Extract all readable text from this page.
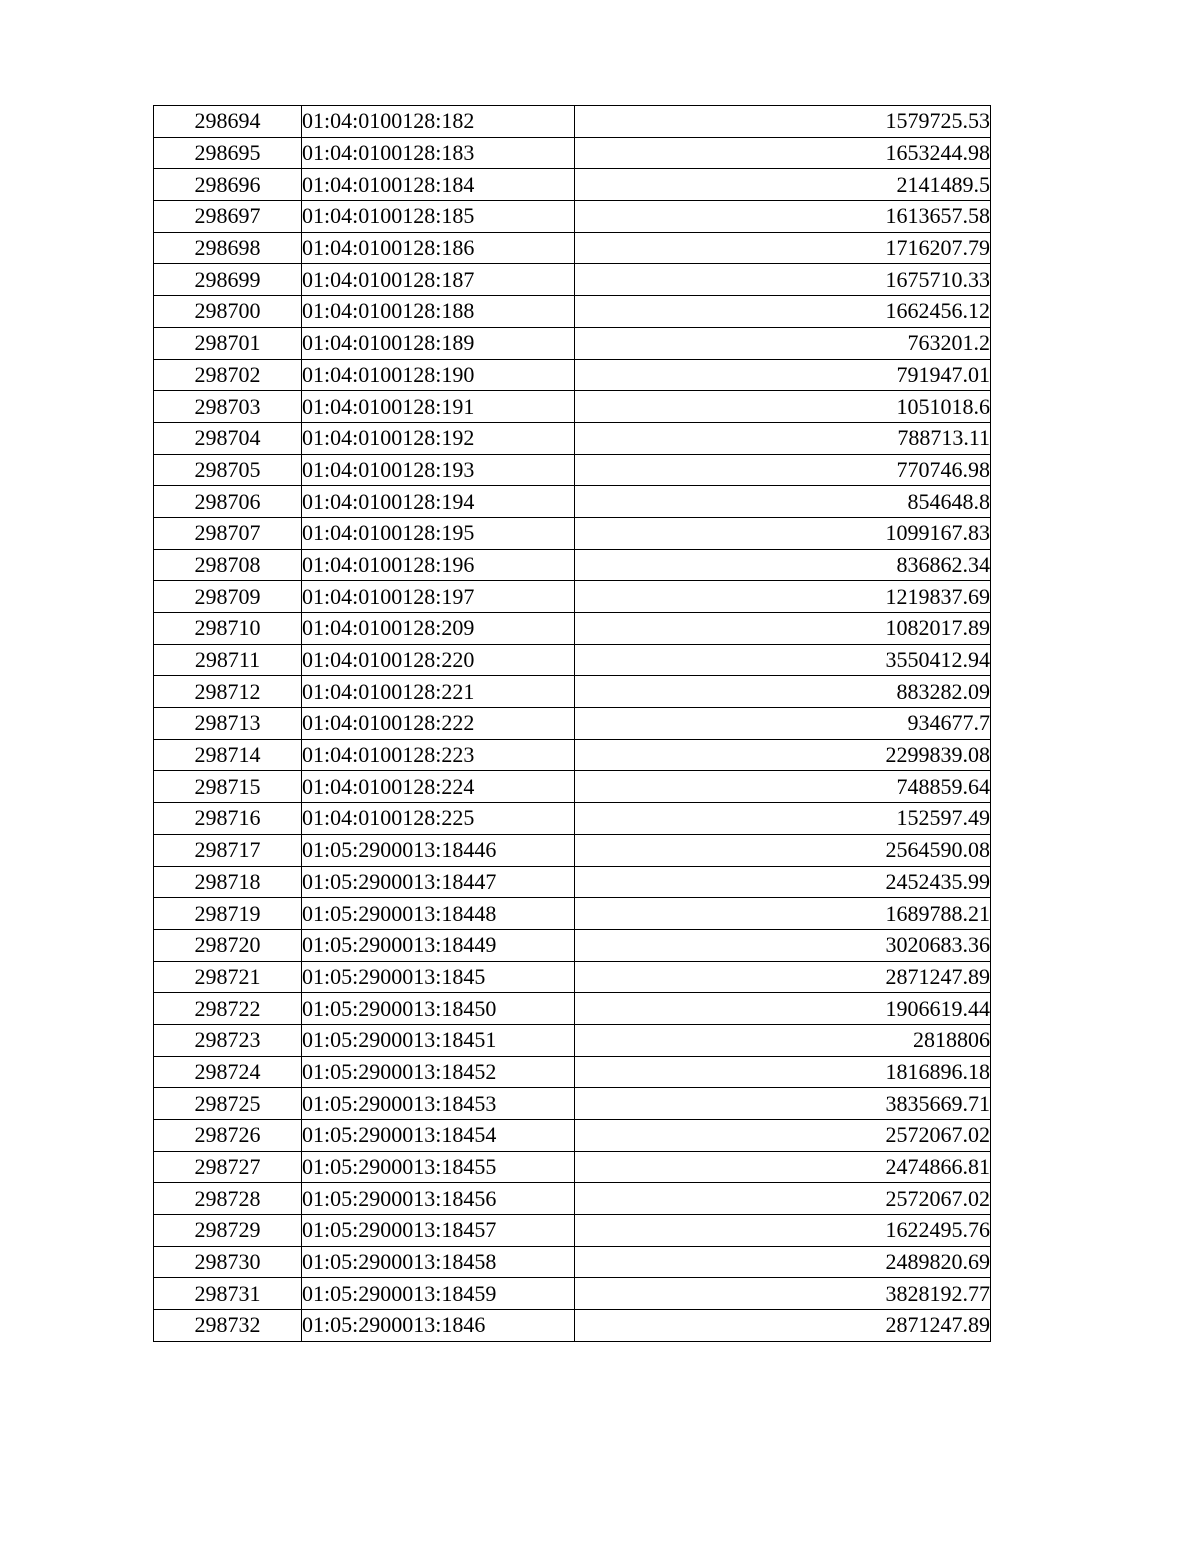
298694	01:04:0100128:182	1579725.53
298695	01:04:0100128:183	1653244.98
298696	01:04:0100128:184	2141489.5
298697	01:04:0100128:185	1613657.58
298698	01:04:0100128:186	1716207.79
298699	01:04:0100128:187	1675710.33
298700	01:04:0100128:188	1662456.12
298701	01:04:0100128:189	763201.2
298702	01:04:0100128:190	791947.01
298703	01:04:0100128:191	1051018.6
298704	01:04:0100128:192	788713.11
298705	01:04:0100128:193	770746.98
298706	01:04:0100128:194	854648.8
298707	01:04:0100128:195	1099167.83
298708	01:04:0100128:196	836862.34
298709	01:04:0100128:197	1219837.69
298710	01:04:0100128:209	1082017.89
298711	01:04:0100128:220	3550412.94
298712	01:04:0100128:221	883282.09
298713	01:04:0100128:222	934677.7
298714	01:04:0100128:223	2299839.08
298715	01:04:0100128:224	748859.64
298716	01:04:0100128:225	152597.49
298717	01:05:2900013:18446	2564590.08
298718	01:05:2900013:18447	2452435.99
298719	01:05:2900013:18448	1689788.21
298720	01:05:2900013:18449	3020683.36
298721	01:05:2900013:1845	2871247.89
298722	01:05:2900013:18450	1906619.44
298723	01:05:2900013:18451	2818806
298724	01:05:2900013:18452	1816896.18
298725	01:05:2900013:18453	3835669.71
298726	01:05:2900013:18454	2572067.02
298727	01:05:2900013:18455	2474866.81
298728	01:05:2900013:18456	2572067.02
298729	01:05:2900013:18457	1622495.76
298730	01:05:2900013:18458	2489820.69
298731	01:05:2900013:18459	3828192.77
298732	01:05:2900013:1846	2871247.89
